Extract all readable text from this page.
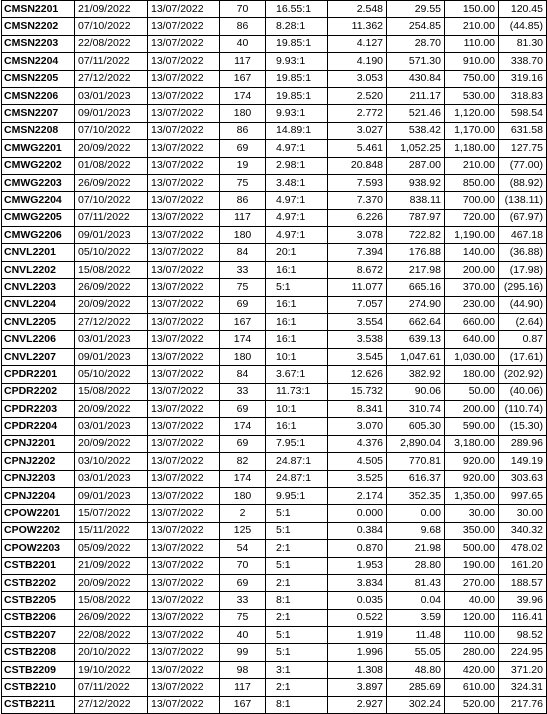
CMSN2201	21/09/2022	13/07/2022	70	16.55:1	2.548	29.55	150.00	120.45
CMSN2202	07/10/2022	13/07/2022	86	8.28:1	11.362	254.85	210.00	(44.85)
CMSN2203	22/08/2022	13/07/2022	40	19.85:1	4.127	28.70	110.00	81.30
CMSN2204	07/11/2022	13/07/2022	117	9.93:1	4.190	571.30	910.00	338.70
CMSN2205	27/12/2022	13/07/2022	167	19.85:1	3.053	430.84	750.00	319.16
CMSN2206	03/01/2023	13/07/2022	174	19.85:1	2.520	211.17	530.00	318.83
CMSN2207	09/01/2023	13/07/2022	180	9.93:1	2.772	521.46	1,120.00	598.54
CMSN2208	07/10/2022	13/07/2022	86	14.89:1	3.027	538.42	1,170.00	631.58
CMWG2201	20/09/2022	13/07/2022	69	4.97:1	5.461	1,052.25	1,180.00	127.75
CMWG2202	01/08/2022	13/07/2022	19	2.98:1	20.848	287.00	210.00	(77.00)
CMWG2203	26/09/2022	13/07/2022	75	3.48:1	7.593	938.92	850.00	(88.92)
CMWG2204	07/10/2022	13/07/2022	86	4.97:1	7.370	838.11	700.00	(138.11)
CMWG2205	07/11/2022	13/07/2022	117	4.97:1	6.226	787.97	720.00	(67.97)
CMWG2206	09/01/2023	13/07/2022	180	4.97:1	3.078	722.82	1,190.00	467.18
CNVL2201	05/10/2022	13/07/2022	84	20:1	7.394	176.88	140.00	(36.88)
CNVL2202	15/08/2022	13/07/2022	33	16:1	8.672	217.98	200.00	(17.98)
CNVL2203	26/09/2022	13/07/2022	75	5:1	11.077	665.16	370.00	(295.16)
CNVL2204	20/09/2022	13/07/2022	69	16:1	7.057	274.90	230.00	(44.90)
CNVL2205	27/12/2022	13/07/2022	167	16:1	3.554	662.64	660.00	(2.64)
CNVL2206	03/01/2023	13/07/2022	174	16:1	3.538	639.13	640.00	0.87
CNVL2207	09/01/2023	13/07/2022	180	10:1	3.545	1,047.61	1,030.00	(17.61)
CPDR2201	05/10/2022	13/07/2022	84	3.67:1	12.626	382.92	180.00	(202.92)
CPDR2202	15/08/2022	13/07/2022	33	11.73:1	15.732	90.06	50.00	(40.06)
CPDR2203	20/09/2022	13/07/2022	69	10:1	8.341	310.74	200.00	(110.74)
CPDR2204	03/01/2023	13/07/2022	174	16:1	3.070	605.30	590.00	(15.30)
CPNJ2201	20/09/2022	13/07/2022	69	7.95:1	4.376	2,890.04	3,180.00	289.96
CPNJ2202	03/10/2022	13/07/2022	82	24.87:1	4.505	770.81	920.00	149.19
CPNJ2203	03/01/2023	13/07/2022	174	24.87:1	3.525	616.37	920.00	303.63
CPNJ2204	09/01/2023	13/07/2022	180	9.95:1	2.174	352.35	1,350.00	997.65
CPOW2201	15/07/2022	13/07/2022	2	5:1	0.000	0.00	30.00	30.00
CPOW2202	15/11/2022	13/07/2022	125	5:1	0.384	9.68	350.00	340.32
CPOW2203	05/09/2022	13/07/2022	54	2:1	0.870	21.98	500.00	478.02
CSTB2201	21/09/2022	13/07/2022	70	5:1	1.953	28.80	190.00	161.20
CSTB2202	20/09/2022	13/07/2022	69	2:1	3.834	81.43	270.00	188.57
CSTB2205	15/08/2022	13/07/2022	33	8:1	0.035	0.04	40.00	39.96
CSTB2206	26/09/2022	13/07/2022	75	2:1	0.522	3.59	120.00	116.41
CSTB2207	22/08/2022	13/07/2022	40	5:1	1.919	11.48	110.00	98.52
CSTB2208	20/10/2022	13/07/2022	99	5:1	1.996	55.05	280.00	224.95
CSTB2209	19/10/2022	13/07/2022	98	3:1	1.308	48.80	420.00	371.20
CSTB2210	07/11/2022	13/07/2022	117	2:1	3.897	285.69	610.00	324.31
CSTB2211	27/12/2022	13/07/2022	167	8:1	2.927	302.24	520.00	217.76
